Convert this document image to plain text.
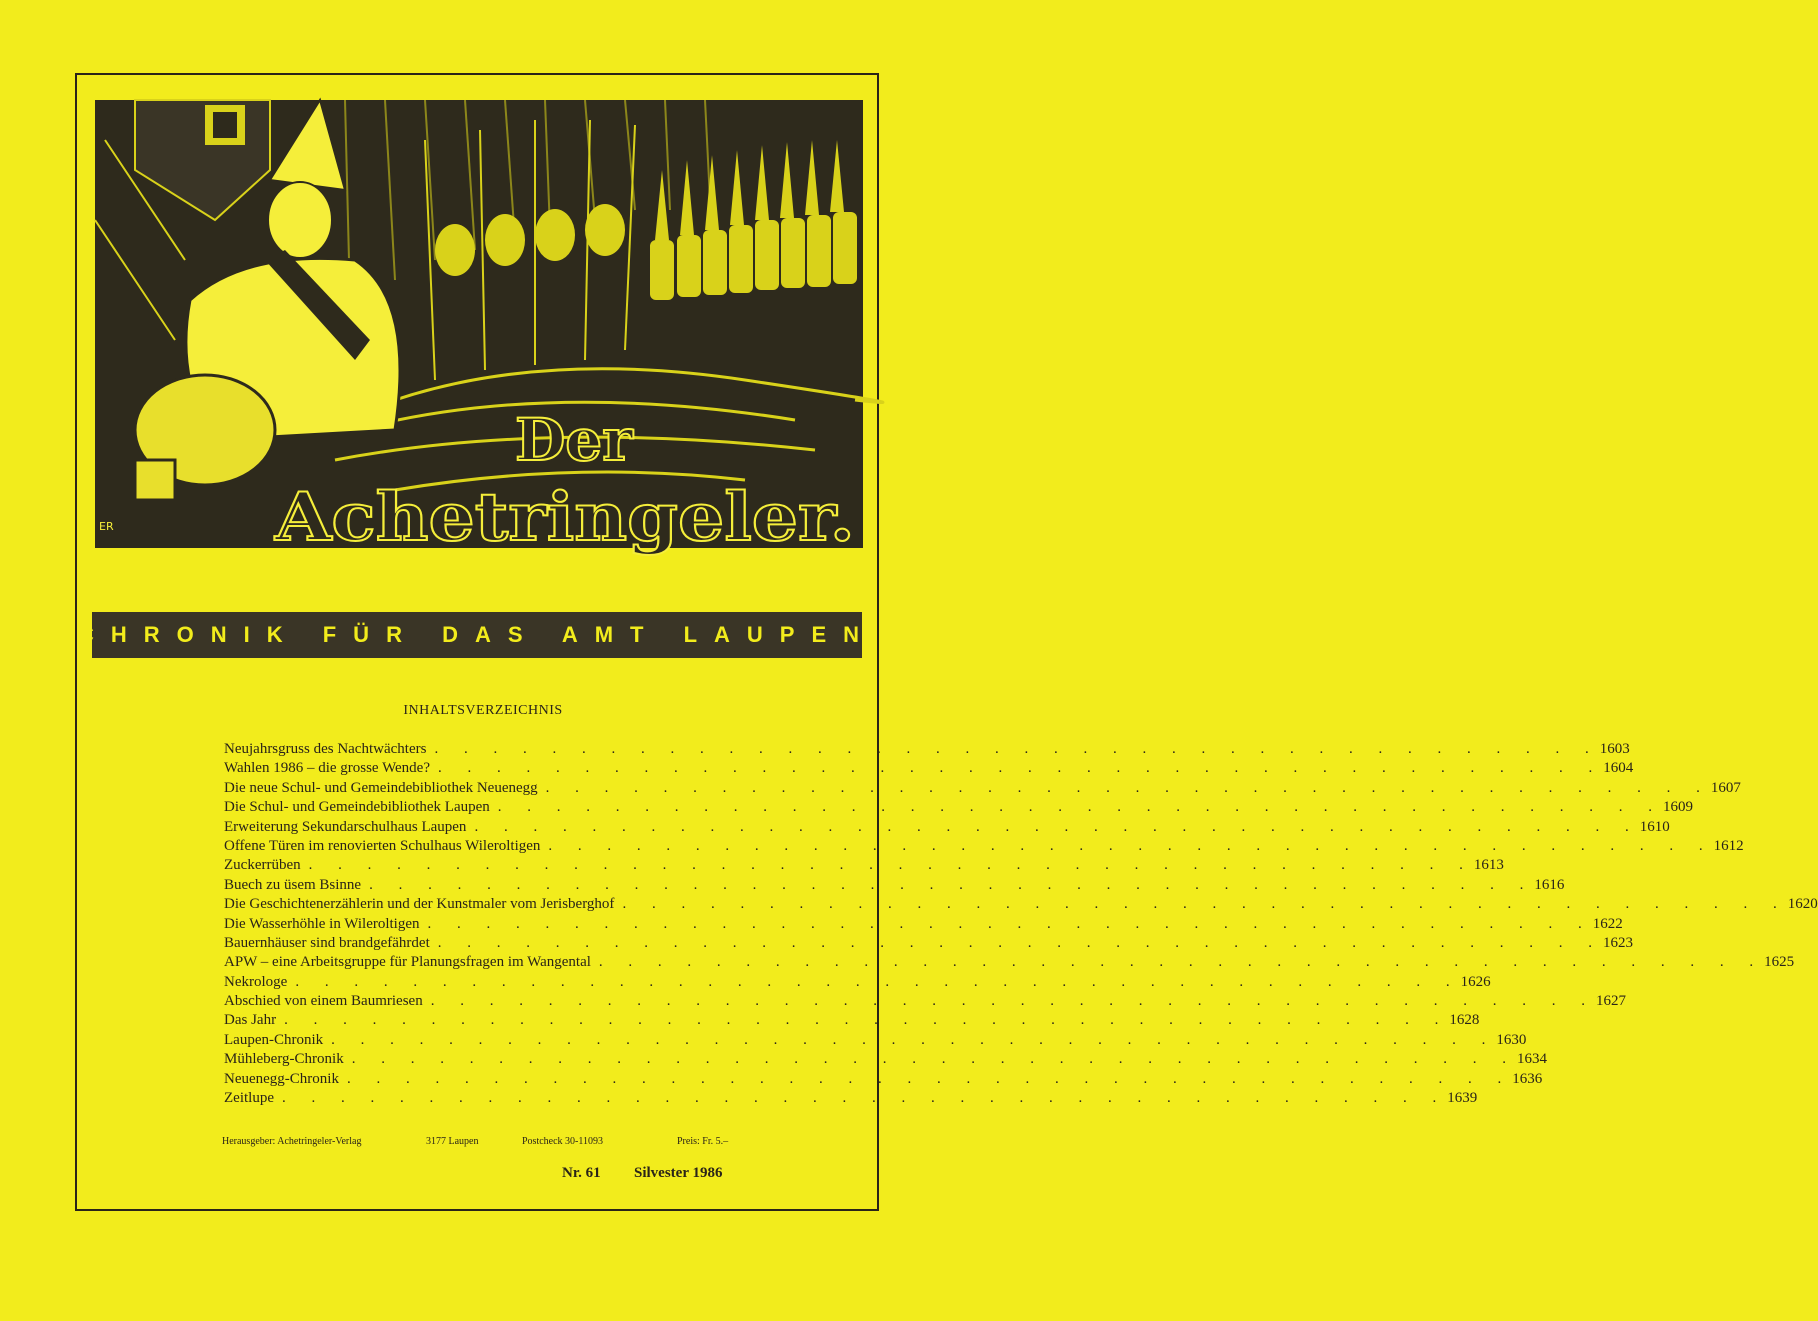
Der
Achetringeler.
ER
CHRONIK FÜR DAS AMT LAUPEN
INHALTSVERZEICHNIS
Neujahrsgruss des Nachtwächters . . . . . . . . . . . . . . . . . . . . . . . . . . . . . . . . . . . . . . . . 1603
Wahlen 1986 – die grosse Wende? . . . . . . . . . . . . . . . . . . . . . . . . . . . . . . . . . . . . . . . . 1604
Die neue Schul- und Gemeindebibliothek Neuenegg . . . . . . . . . . . . . . . . . . . . . . . . . . . . . . . . . . . . . . . . 1607
Die Schul- und Gemeindebibliothek Laupen . . . . . . . . . . . . . . . . . . . . . . . . . . . . . . . . . . . . . . . . 1609
Erweiterung Sekundarschulhaus Laupen . . . . . . . . . . . . . . . . . . . . . . . . . . . . . . . . . . . . . . . . 1610
Offene Türen im renovierten Schulhaus Wileroltigen . . . . . . . . . . . . . . . . . . . . . . . . . . . . . . . . . . . . . . . . 1612
Zuckerrüben . . . . . . . . . . . . . . . . . . . . . . . . . . . . . . . . . . . . . . . . 1613
Buech zu üsem Bsinne . . . . . . . . . . . . . . . . . . . . . . . . . . . . . . . . . . . . . . . . 1616
Die Geschichtenerzählerin und der Kunstmaler vom Jerisberghof . . . . . . . . . . . . . . . . . . . . . . . . . . . . . . . . . . . . . . . . 1620
Die Wasserhöhle in Wileroltigen . . . . . . . . . . . . . . . . . . . . . . . . . . . . . . . . . . . . . . . . 1622
Bauernhäuser sind brandgefährdet . . . . . . . . . . . . . . . . . . . . . . . . . . . . . . . . . . . . . . . . 1623
APW – eine Arbeitsgruppe für Planungsfragen im Wangental . . . . . . . . . . . . . . . . . . . . . . . . . . . . . . . . . . . . . . . . 1625
Nekrologe . . . . . . . . . . . . . . . . . . . . . . . . . . . . . . . . . . . . . . . . 1626
Abschied von einem Baumriesen . . . . . . . . . . . . . . . . . . . . . . . . . . . . . . . . . . . . . . . . 1627
Das Jahr . . . . . . . . . . . . . . . . . . . . . . . . . . . . . . . . . . . . . . . . 1628
Laupen-Chronik . . . . . . . . . . . . . . . . . . . . . . . . . . . . . . . . . . . . . . . . 1630
Mühleberg-Chronik . . . . . . . . . . . . . . . . . . . . . . . . . . . . . . . . . . . . . . . . 1634
Neuenegg-Chronik . . . . . . . . . . . . . . . . . . . . . . . . . . . . . . . . . . . . . . . . 1636
Zeitlupe . . . . . . . . . . . . . . . . . . . . . . . . . . . . . . . . . . . . . . . . 1639
Herausgeber: Achetringeler-Verlag	3177 Laupen	Postcheck 30-11093	Preis: Fr. 5.–
Nr. 61 Silvester 1986
